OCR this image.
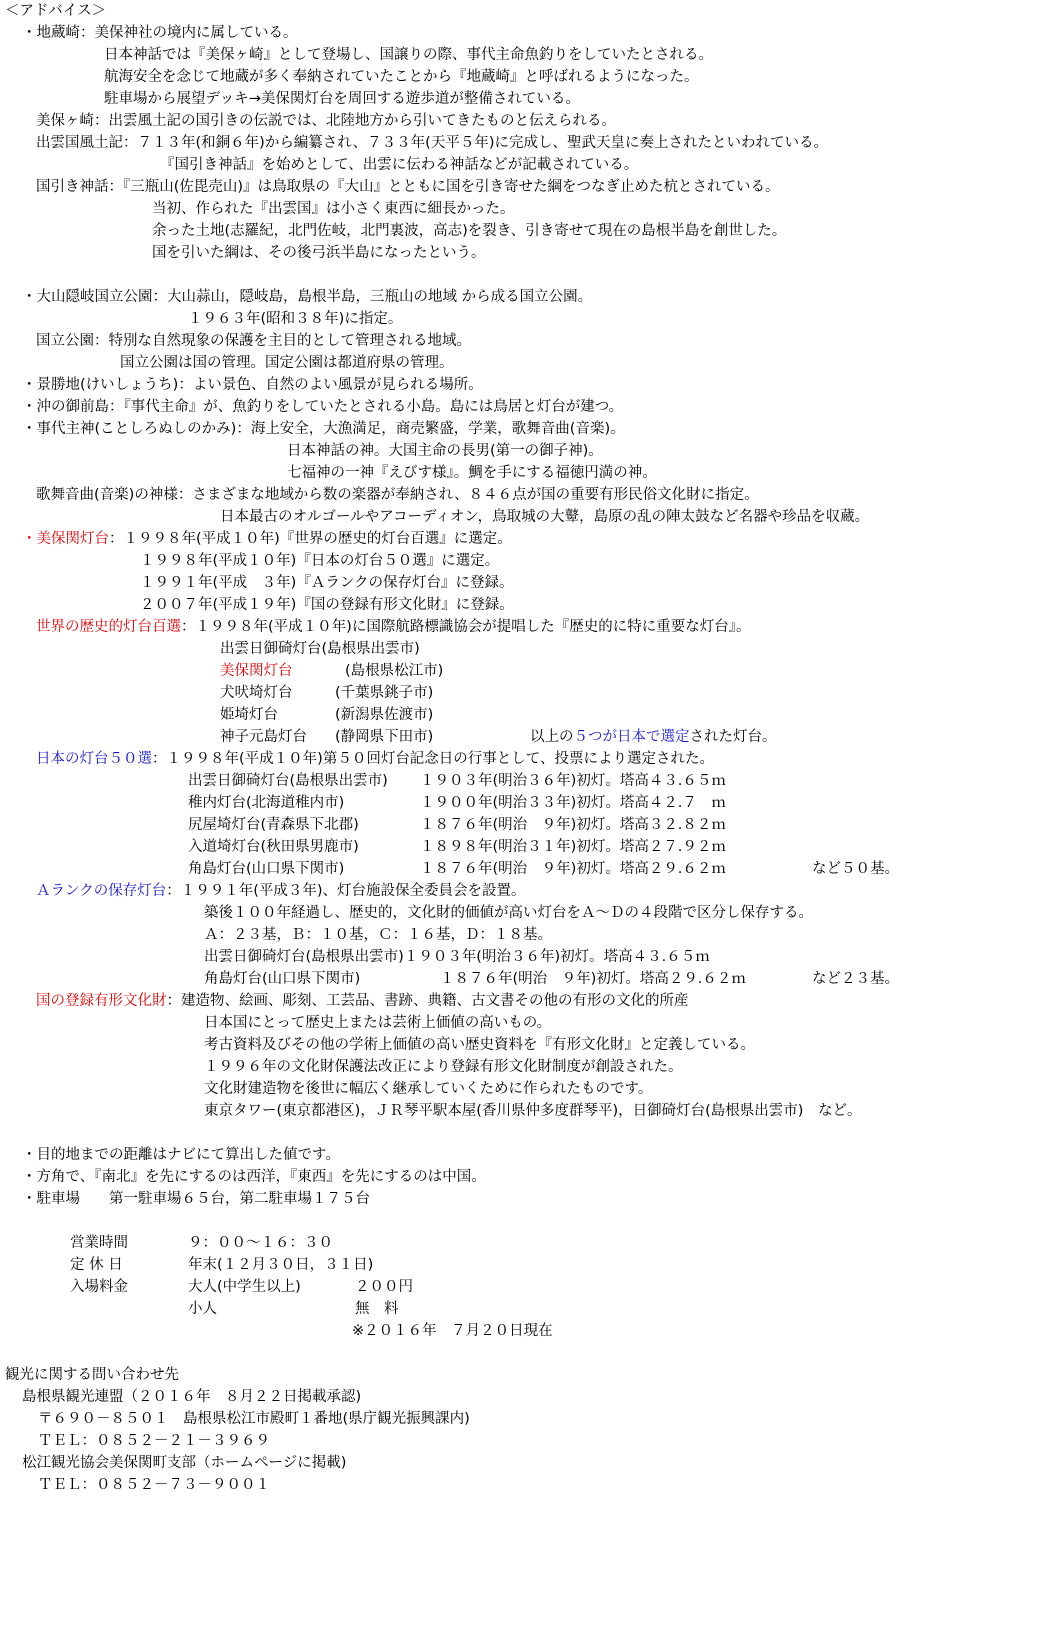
＜アドバイス＞
・地蔵崎：美保神社の境内に属している。
日本神話では『美保ヶ崎』として登場し、国譲りの際、事代主命魚釣りをしていたとされる。
航海安全を念じて地蔵が多く奉納されていたことから『地蔵崎』と呼ばれるようになった。
駐車場から展望デッキ→美保関灯台を周回する遊歩道が整備されている。
美保ヶ崎：出雲風土記の国引きの伝説では、北陸地方から引いてきたものと伝えられる。
出雲国風土記：７１３年(和銅６年)から編纂され、７３３年(天平５年)に完成し、聖武天皇に奏上されたといわれている。
『国引き神話』を始めとして、出雲に伝わる神話などが記載されている。
国引き神話：『三瓶山(佐毘売山)』は鳥取県の『大山』とともに国を引き寄せた綱をつなぎ止めた杭とされている。
当初、作られた『出雲国』は小さく東西に細長かった。
余った土地(志羅紀，北門佐岐，北門裏波，高志)を裂き、引き寄せて現在の島根半島を創世した。
国を引いた綱は、その後弓浜半島になったという。
・大山隠岐国立公園：大山蒜山，隠岐島，島根半島，三瓶山の地域 から成る国立公園。
１９６３年(昭和３８年)に指定。
国立公園：特別な自然現象の保護を主目的として管理される地域。
国立公園は国の管理。国定公園は都道府県の管理。
・景勝地(けいしょうち)：よい景色、自然のよい風景が見られる場所。
・沖の御前島：『事代主命』が、魚釣りをしていたとされる小島。島には鳥居と灯台が建つ。
・事代主神(ことしろぬしのかみ)：海上安全，大漁満足，商売繁盛，学業，歌舞音曲(音楽)。
日本神話の神。大国主命の長男(第一の御子神)。
七福神の一神『えびす様』。鯛を手にする福徳円満の神。
歌舞音曲(音楽)の神様：さまざまな地域から数の楽器が奉納され、８４６点が国の重要有形民俗文化財に指定。
日本最古のオルゴールやアコーディオン，鳥取城の大鼙，島原の乱の陣太鼓など名器や珍品を収蔵。
・美保関灯台：１９９８年(平成１０年)『世界の歴史的灯台百選』に選定。
１９９８年(平成１０年)『日本の灯台５０選』に選定。
１９９１年(平成　３年)『Ａランクの保存灯台』に登録。
２００７年(平成１９年)『国の登録有形文化財』に登録。
世界の歴史的灯台百選：１９９８年(平成１０年)に国際航路標識協会が提唱した『歴史的に特に重要な灯台』。
出雲日御碕灯台(島根県出雲市)
美保関灯台	(島根県松江市)
犬吠埼灯台	(千葉県銚子市)
姫埼灯台	(新潟県佐渡市)
神子元島灯台 (静岡県下田市)	以上の５つが日本で選定された灯台。
日本の灯台５０選：１９９８年(平成１０年)第５０回灯台記念日の行事として、投票により選定された。
出雲日御碕灯台(島根県出雲市) １９０３年(明治３６年)初灯。塔高４３.６５ｍ
稚内灯台(北海道稚内市)	１９００年(明治３３年)初灯。塔高４２.７　ｍ
尻屋埼灯台(青森県下北郡)	１８７６年(明治　９年)初灯。塔高３２.８２ｍ
入道埼灯台(秋田県男鹿市)	１８９８年(明治３１年)初灯。塔高２７.９２ｍ
角島灯台(山口県下関市)	１８７６年(明治　９年)初灯。塔高２９.６２ｍ	など５０基。
Ａランクの保存灯台：１９９１年(平成３年)、灯台施設保全委員会を設置。
築後１００年経過し、歴史的，文化財的価値が高い灯台をＡ～Ｄの４段階で区分し保存する。
Ａ：２３基，Ｂ：１０基，Ｃ：１６基，Ｄ：１８基。
出雲日御碕灯台(島根県出雲市)１９０３年(明治３６年)初灯。塔高４３.６５ｍ
角島灯台(山口県下関市)	１８７６年(明治　９年)初灯。塔高２９.６２ｍ	など２３基。
国の登録有形文化財：建造物、絵画、彫刻、工芸品、書跡、典籍、古文書その他の有形の文化的所産
日本国にとって歴史上または芸術上価値の高いもの。
考古資料及びその他の学術上価値の高い歴史資料を『有形文化財』と定義している。
１９９６年の文化財保護法改正により登録有形文化財制度が創設された。
文化財建造物を後世に幅広く継承していくために作られたものです。
東京タワー(東京都港区)，ＪＲ琴平駅本屋(香川県仲多度群琴平)，日御碕灯台(島根県出雲市)　など。
・目的地までの距離はナビにて算出した値です。
・方角で、『南北』を先にするのは西洋，『東西』を先にするのは中国。
・駐車場　　第一駐車場６５台，第二駐車場１７５台
営業時間	９：００～１６：３０
定 休 日	年末(１２月３０日，３１日)
入場料金	大人(中学生以上)	２００円
小人	無　料
※２０１６年　７月２０日現在
観光に関する問い合わせ先
島根県観光連盟（２０１６年　８月２２日掲載承認)
〒６９０－８５０１　島根県松江市殿町１番地(県庁観光振興課内)
ＴＥＬ：０８５２－２１－３９６９
松江観光協会美保関町支部（ホームページに掲載)
ＴＥＬ：０８５２－７３－９００１
